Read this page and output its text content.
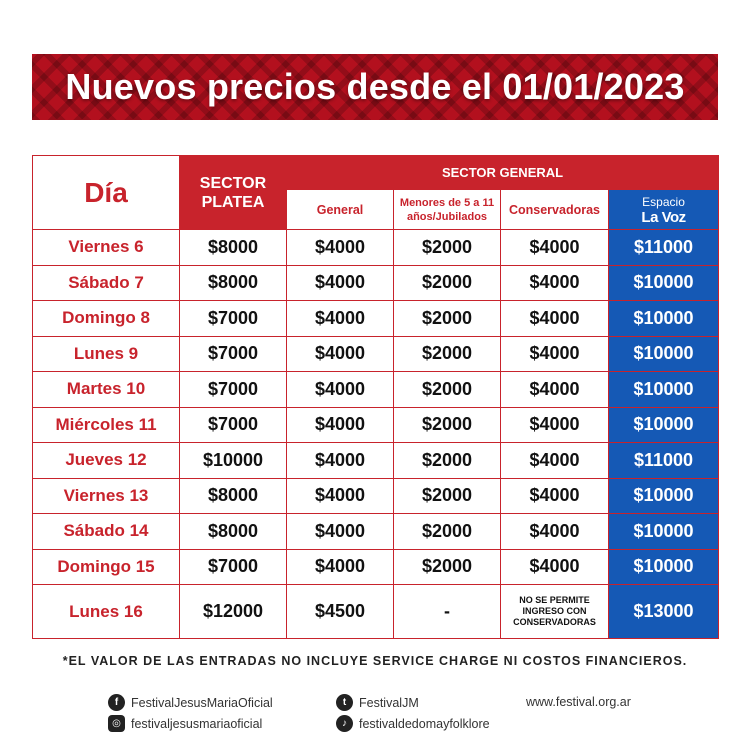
Nuevos precios desde el 01/01/2023
Día	SECTOR PLATEA	SECTOR GENERAL			
		General	Menores de 5 a 11 años/Jubilados	Conservadoras	Espacio
La Voz

Viernes 6	$8000	$4000	$2000	$4000	$11000
Sábado 7	$8000	$4000	$2000	$4000	$10000
Domingo 8	$7000	$4000	$2000	$4000	$10000
Lunes 9	$7000	$4000	$2000	$4000	$10000
Martes 10	$7000	$4000	$2000	$4000	$10000
Miércoles 11	$7000	$4000	$2000	$4000	$10000
Jueves 12	$10000	$4000	$2000	$4000	$11000
Viernes 13	$8000	$4000	$2000	$4000	$10000
Sábado 14	$8000	$4000	$2000	$4000	$10000
Domingo 15	$7000	$4000	$2000	$4000	$10000
Lunes 16	$12000	$4500	-	NO SE PERMITE INGRESO CON CONSERVADORAS	$13000
*EL VALOR DE LAS ENTRADAS NO INCLUYE SERVICE CHARGE NI COSTOS FINANCIEROS.
f	FestivalJesusMariaOficial
◎ festivaljesusmariaoficial
t	FestivalJM
♪ festivaldedomayfolklore
www.festival.org.ar
